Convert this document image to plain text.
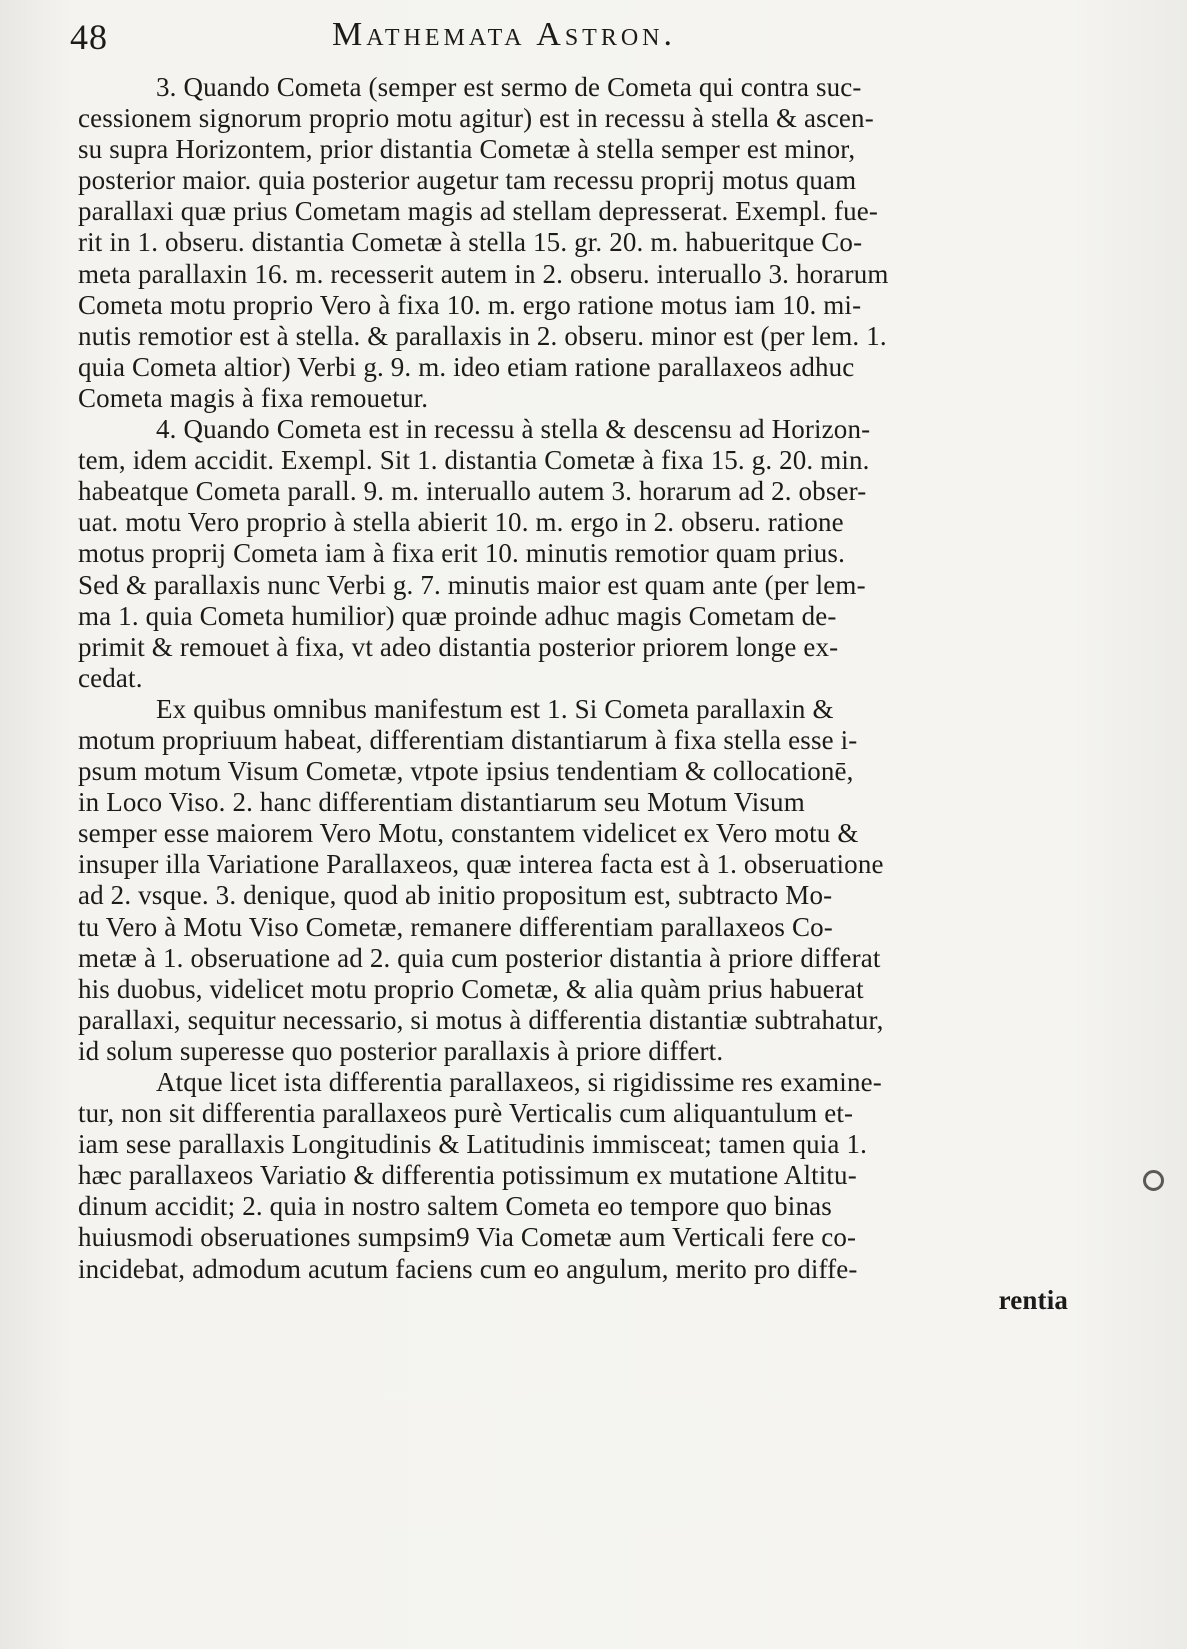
48	Mathemata Astron.
3. Quando Cometa (semper est sermo de Cometa qui contra suc-
cessionem signorum proprio motu agitur) est in recessu à stella & ascen-
su supra Horizontem, prior distantia Cometæ à stella semper est minor,
posterior maior. quia posterior augetur tam recessu proprij motus quam
parallaxi quæ prius Cometam magis ad stellam depresserat. Exempl. fue-
rit in 1. obseru. distantia Cometæ à stella 15. gr. 20. m. habueritque Co-
meta parallaxin 16. m. recesserit autem in 2. obseru. interuallo 3. horarum
Cometa motu proprio Vero à fixa 10. m. ergo ratione motus iam 10. mi-
nutis remotior est à stella. & parallaxis in 2. obseru. minor est (per lem. 1.
quia Cometa altior) Verbi g. 9. m. ideo etiam ratione parallaxeos adhuc
Cometa magis à fixa remouetur.
4. Quando Cometa est in recessu à stella & descensu ad Horizon-
tem, idem accidit. Exempl. Sit 1. distantia Cometæ à fixa 15. g. 20. min.
habeatque Cometa parall. 9. m. interuallo autem 3. horarum ad 2. obser-
uat. motu Vero proprio à stella abierit 10. m. ergo in 2. obseru. ratione
motus proprij Cometa iam à fixa erit 10. minutis remotior quam prius.
Sed & parallaxis nunc Verbi g. 7. minutis maior est quam ante (per lem-
ma 1. quia Cometa humilior) quæ proinde adhuc magis Cometam de-
primit & remouet à fixa, vt adeo distantia posterior priorem longe ex-
cedat.
Ex quibus omnibus manifestum est 1. Si Cometa parallaxin &
motum propriuum habeat, differentiam distantiarum à fixa stella esse i-
psum motum Visum Cometæ, vtpote ipsius tendentiam & collocationē,
in Loco Viso. 2. hanc differentiam distantiarum seu Motum Visum
semper esse maiorem Vero Motu, constantem videlicet ex Vero motu &
insuper illa Variatione Parallaxeos, quæ interea facta est à 1. obseruatione
ad 2. vsque. 3. denique, quod ab initio propositum est, subtracto Mo-
tu Vero à Motu Viso Cometæ, remanere differentiam parallaxeos Co-
metæ à 1. obseruatione ad 2. quia cum posterior distantia à priore differat
his duobus, videlicet motu proprio Cometæ, & alia quàm prius habuerat
parallaxi, sequitur necessario, si motus à differentia distantiæ subtrahatur,
id solum superesse quo posterior parallaxis à priore differt.
Atque licet ista differentia parallaxeos, si rigidissime res examine-
tur, non sit differentia parallaxeos purè Verticalis cum aliquantulum et-
iam sese parallaxis Longitudinis & Latitudinis immisceat; tamen quia 1.
hæc parallaxeos Variatio & differentia potissimum ex mutatione Altitu-
dinum accidit; 2. quia in nostro saltem Cometa eo tempore quo binas
huiusmodi obseruationes sumpsim9 Via Cometæ aum Verticali fere co-
incidebat, admodum acutum faciens cum eo angulum, merito pro diffe-
rentia
